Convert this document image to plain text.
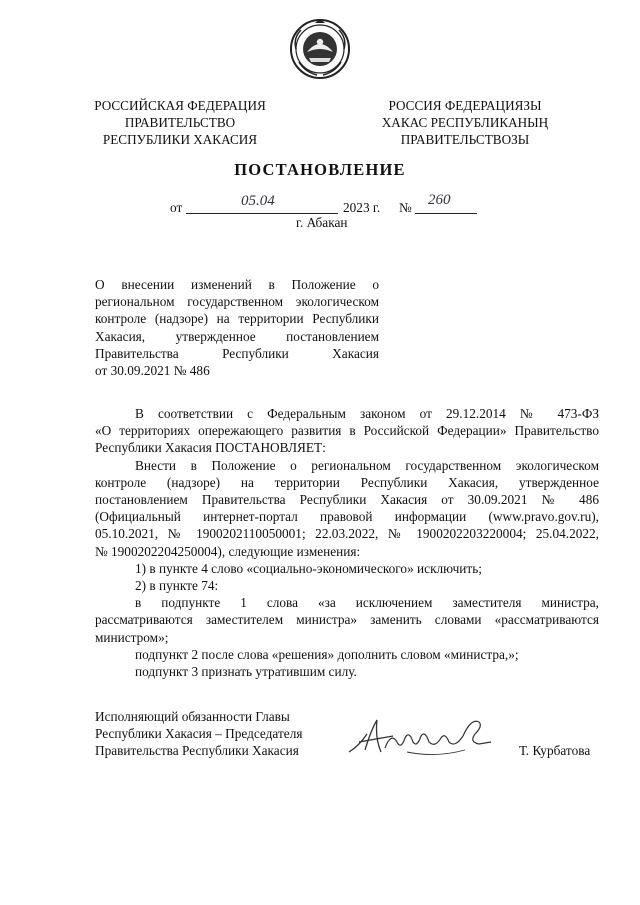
РОССИЙСКАЯ ФЕДЕРАЦИЯ
ПРАВИТЕЛЬСТВО
РЕСПУБЛИКИ ХАКАСИЯ
РОССИЯ ФЕДЕРАЦИЯЗЫ
ХАКАС РЕСПУБЛИКАНЫҢ
ПРАВИТЕЛЬСТВОЗЫ
ПОСТАНОВЛЕНИЕ
от	05.04	2023 г. № 260
г. Абакан

О внесении изменений в Положение о

региональном государственном экологическом

контроле (надзоре) на территории Республики

Хакасия, утвержденное постановлением

Правительства Республики Хакасия

от 30.09.2021 № 486

В соответствии с Федеральным законом от 29.12.2014 № 473-ФЗ

«О территориях опережающего развития в Российской Федерации» Правительство

Республики Хакасия ПОСТАНОВЛЯЕТ:

Внести в Положение о региональном государственном экологическом

контроле (надзоре) на территории Республики Хакасия, утвержденное

постановлением Правительства Республики Хакасия от 30.09.2021 № 486

(Официальный интернет-портал правовой информации (www.pravo.gov.ru),

05.10.2021, № 1900202110050001; 22.03.2022, № 1900202203220004; 25.04.2022,

№ 1900202204250004), следующие изменения:

1) в пункте 4 слово «социально-экономического» исключить;

2) в пункте 74:

в подпункте 1 слова «за исключением заместителя министра,

рассматриваются заместителем министра» заменить словами «рассматриваются

министром»;

подпункт 2 после слова «решения» дополнить словом «министра,»;

подпункт 3 признать утратившим силу.

Исполняющий обязанности Главы
Республики Хакасия – Председателя
Правительства Республики Хакасия	Т. Курбатова
